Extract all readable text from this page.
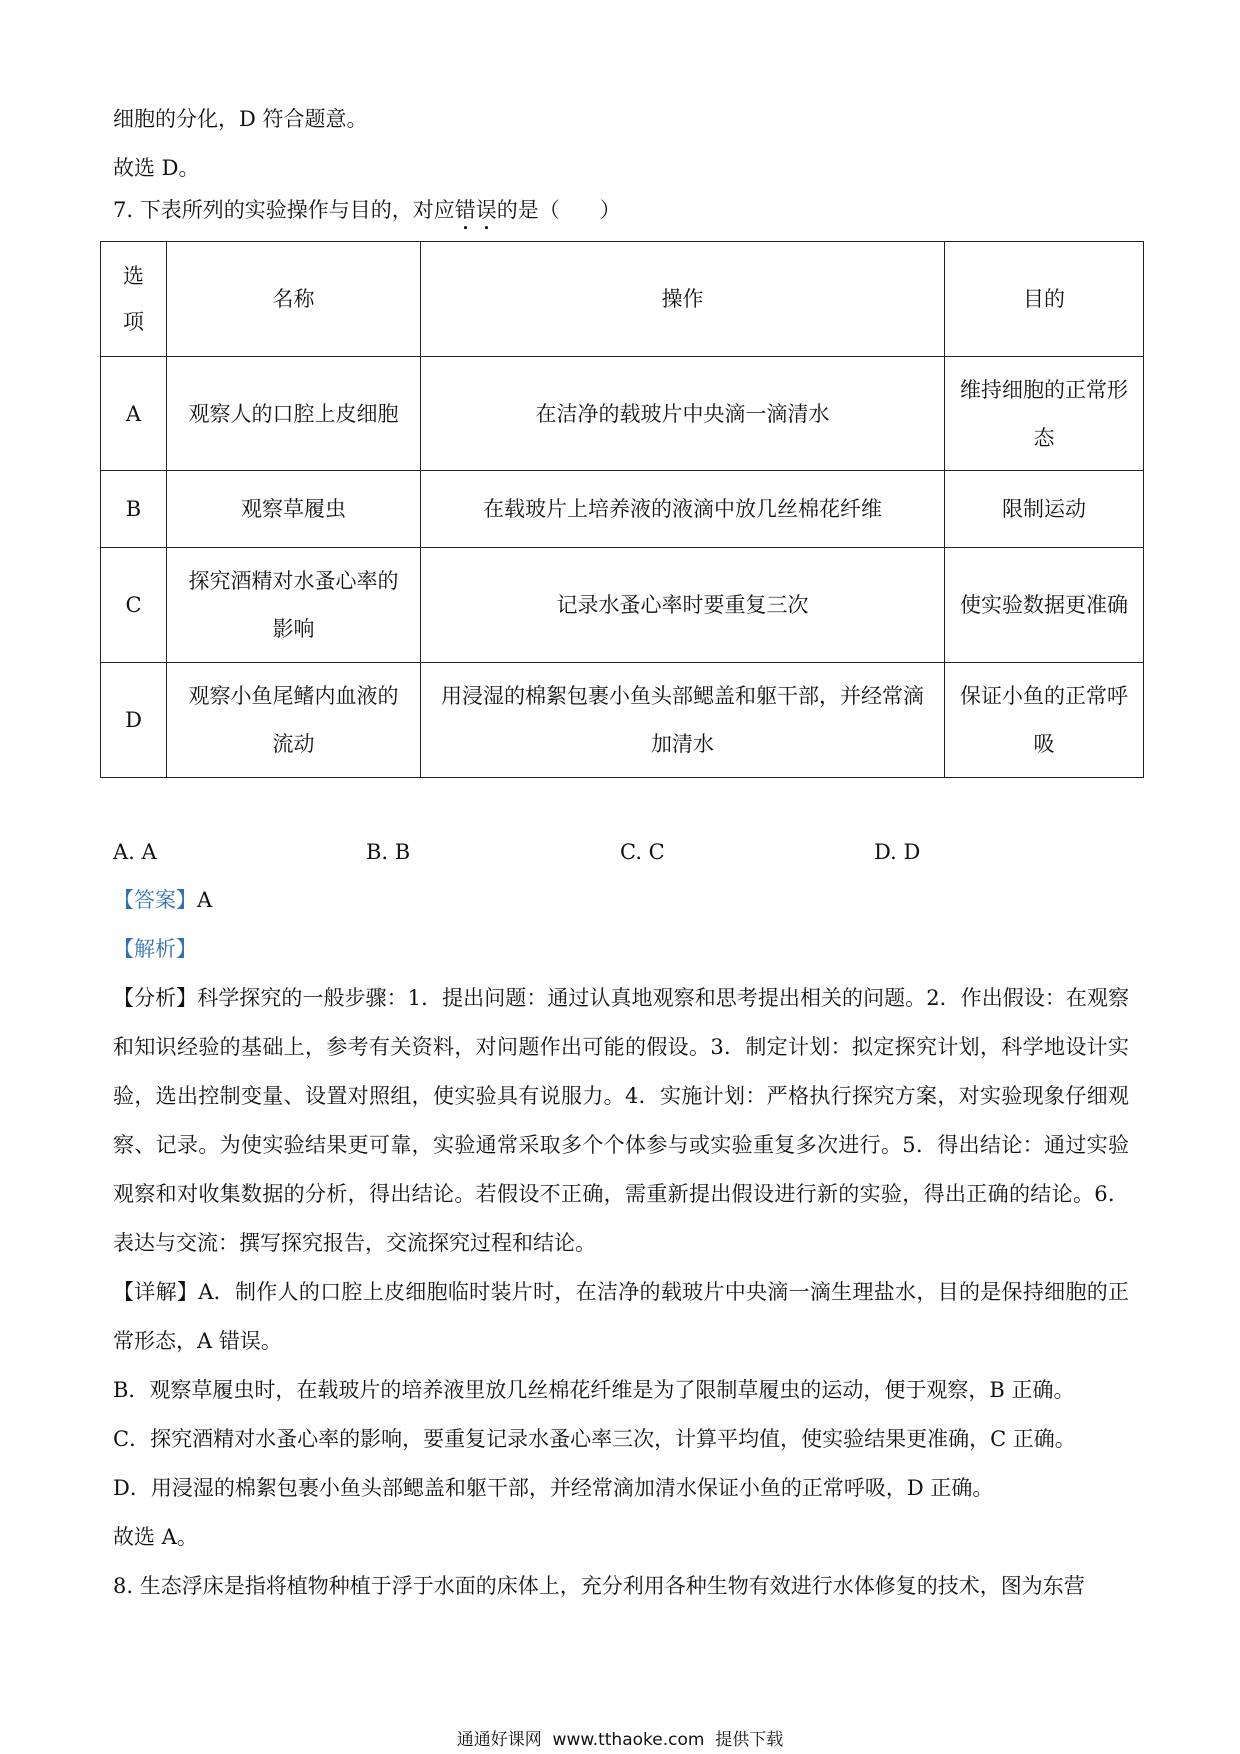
细胞的分化，D 符合题意。
故选 D。
7. 下表所列的实验操作与目的，对应错误的是（      ）
选
项	名称	操作	目的
A	观察人的口腔上皮细胞	在洁净的载玻片中央滴一滴清水	维持细胞的正常形态
B	观察草履虫	在载玻片上培养液的液滴中放几丝棉花纤维	限制运动
C	探究酒精对水蚤心率的影响	记录水蚤心率时要重复三次	使实验数据更准确
D	观察小鱼尾鳍内血液的流动	用浸湿的棉絮包裹小鱼头部鳃盖和躯干部，并经常滴加清水	保证小鱼的正常呼吸
A. A	B. B	C. C	D. D
【答案】A
【解析】
【分析】科学探究的一般步骤：1．提出问题：通过认真地观察和思考提出相关的问题。2．作出假设：在观察和知识经验的基础上，参考有关资料，对问题作出可能的假设。3．制定计划：拟定探究计划，科学地设计实验，选出控制变量、设置对照组，使实验具有说服力。4．实施计划：严格执行探究方案，对实验现象仔细观察、记录。为使实验结果更可靠，实验通常采取多个个体参与或实验重复多次进行。5．得出结论：通过实验观察和对收集数据的分析，得出结论。若假设不正确，需重新提出假设进行新的实验，得出正确的结论。6．表达与交流：撰写探究报告，交流探究过程和结论。
【详解】A．制作人的口腔上皮细胞临时装片时，在洁净的载玻片中央滴一滴生理盐水，目的是保持细胞的正常形态，A 错误。
B．观察草履虫时，在载玻片的培养液里放几丝棉花纤维是为了限制草履虫的运动，便于观察，B 正确。
C．探究酒精对水蚤心率的影响，要重复记录水蚤心率三次，计算平均值，使实验结果更准确，C 正确。
D．用浸湿的棉絮包裹小鱼头部鳃盖和躯干部，并经常滴加清水保证小鱼的正常呼吸，D 正确。
故选 A。
8. 生态浮床是指将植物种植于浮于水面的床体上，充分利用各种生物有效进行水体修复的技术，图为东营
通通好课网  www.tthaoke.com  提供下载
